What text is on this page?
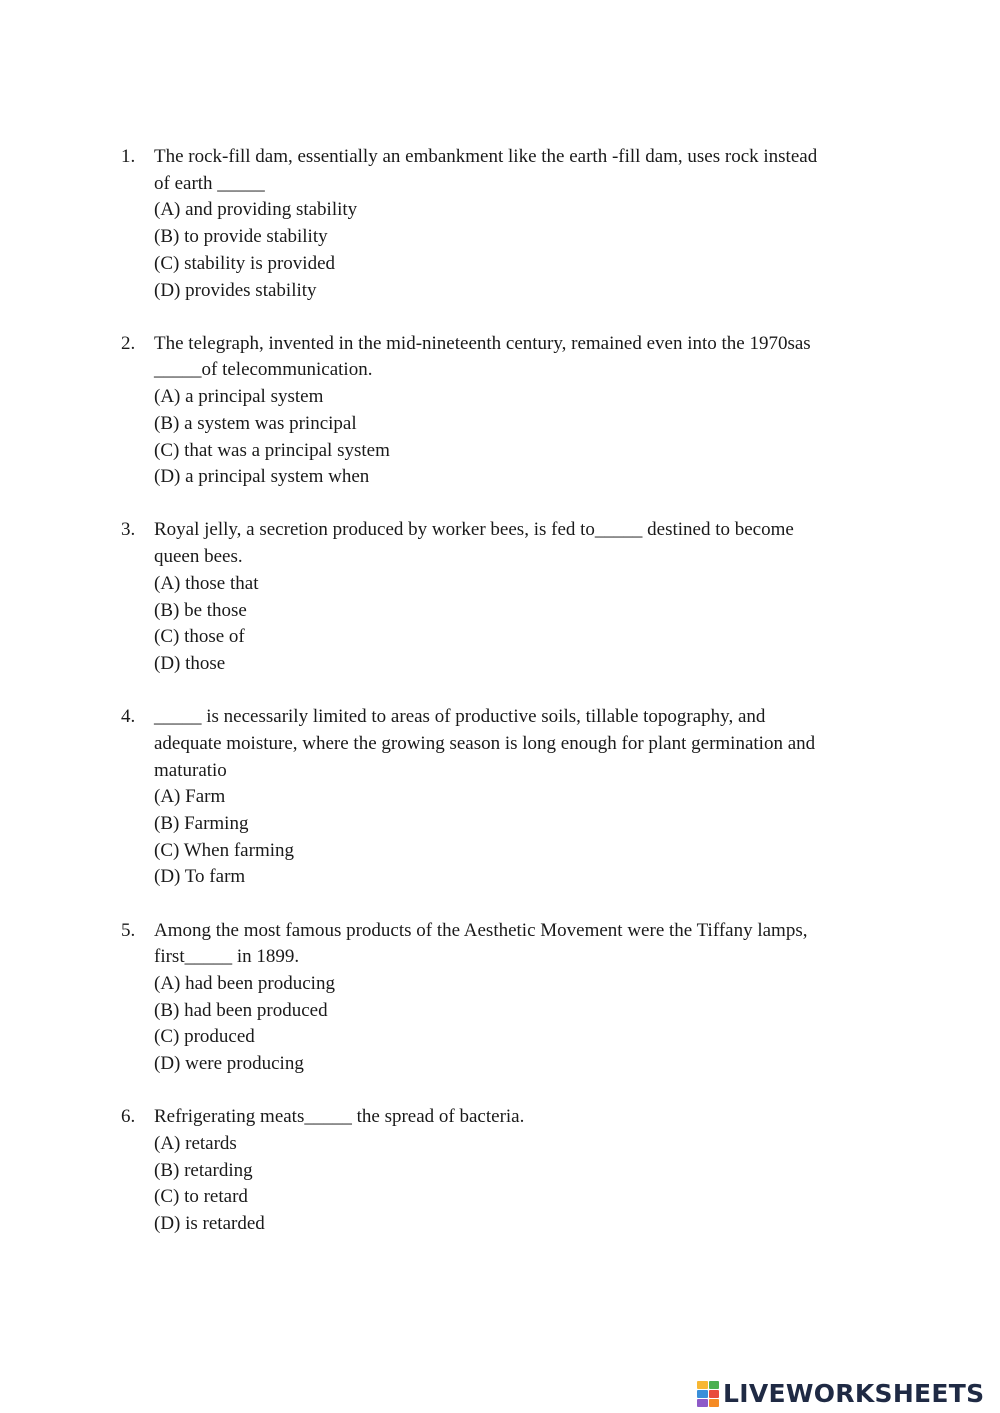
1. The rock-fill dam, essentially an embankment like the earth -fill dam, uses rock instead
of earth _____
(A) and providing stability
(B) to provide stability
(C) stability is provided
(D) provides stability
2. The telegraph, invented in the mid-nineteenth century, remained even into the 1970sas
_____of telecommunication.
(A) a principal system
(B) a system was principal
(C) that was a principal system
(D) a principal system when
3. Royal jelly, a secretion produced by worker bees, is fed to_____ destined to become
queen bees.
(A) those that
(B) be those
(C) those of
(D) those
4. _____ is necessarily limited to areas of productive soils, tillable topography, and
adequate moisture, where the growing season is long enough for plant germination and
maturatio
(A) Farm
(B) Farming
(C) When farming
(D) To farm
5. Among the most famous products of the Aesthetic Movement were the Tiffany lamps,
first_____ in 1899.
(A) had been producing
(B) had been produced
(C) produced
(D) were producing
6. Refrigerating meats_____ the spread of bacteria.
(A) retards
(B) retarding
(C) to retard
(D) is retarded
LIVEWORKSHEETS
